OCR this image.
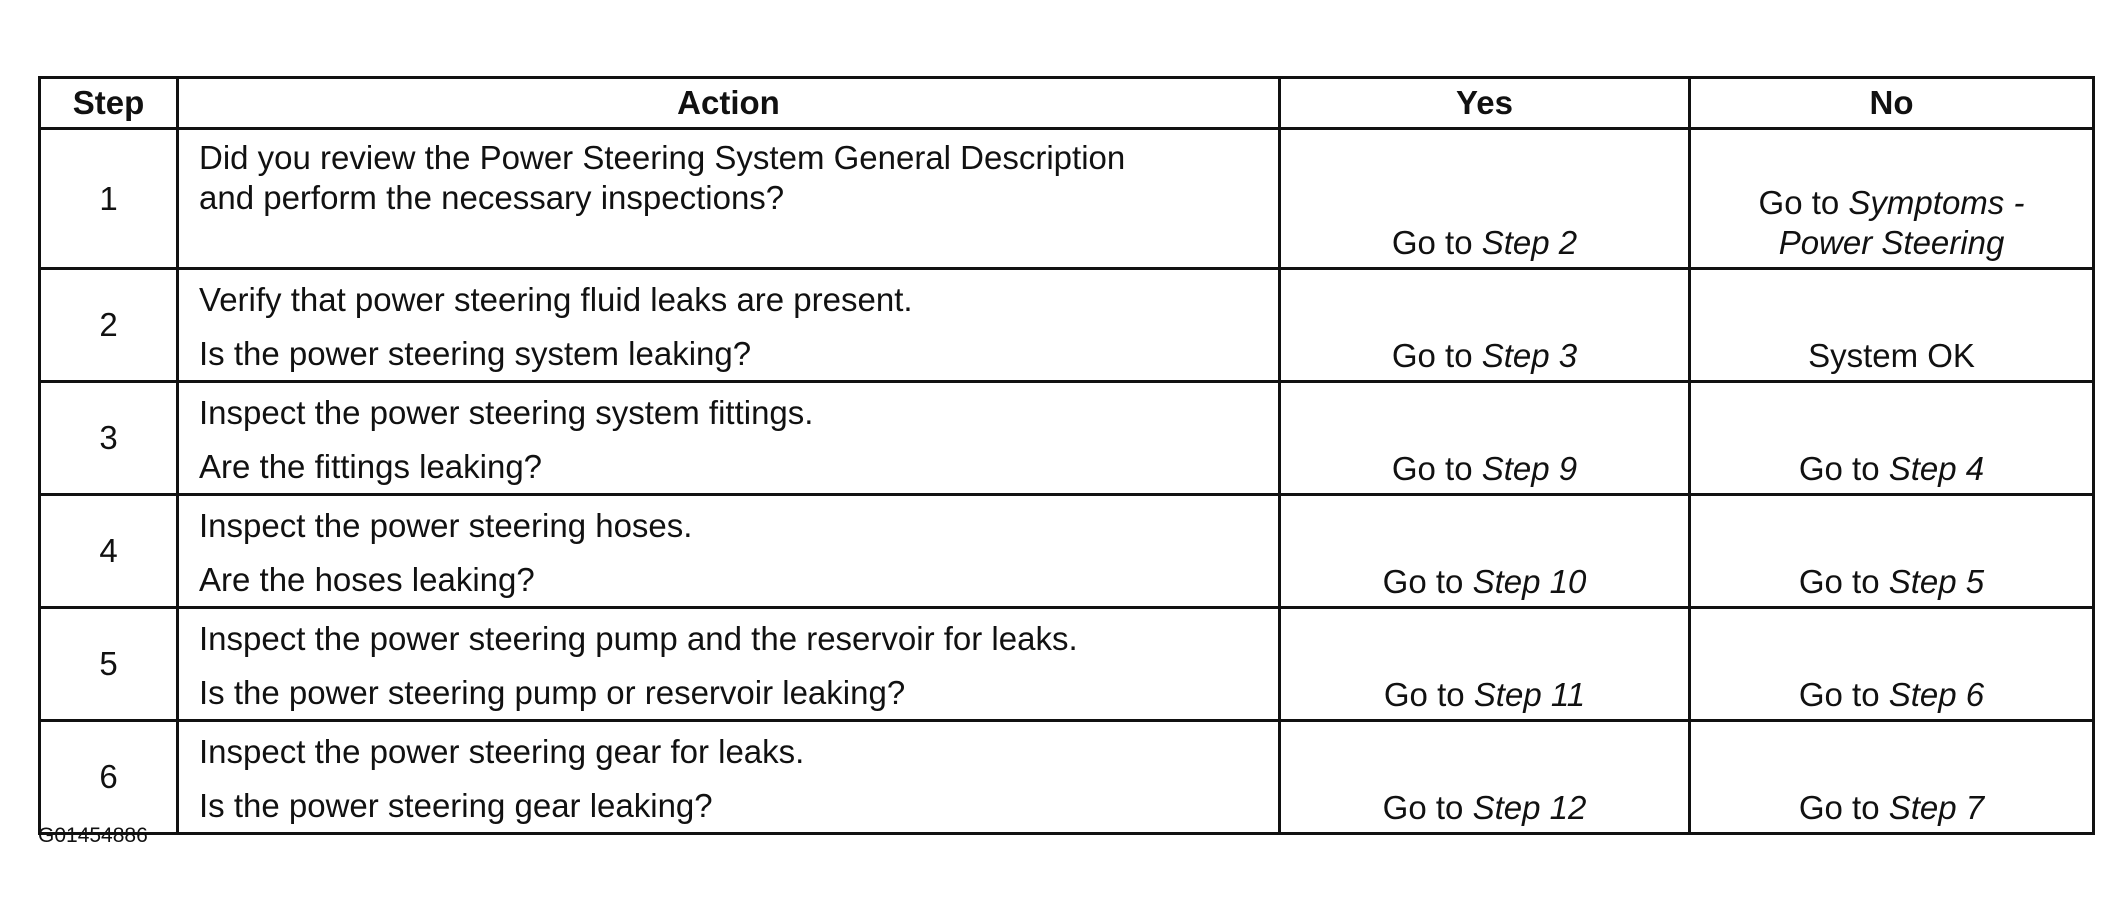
Step	Action	Yes	No
1	Did you review the Power Steering System General Description
and perform the necessary inspections?	Go to Step 2	Go to Symptoms -
Power Steering

2	Verify that power steering fluid leaks are present.
Is the power steering system leaking?	Go to Step 3	System OK
3	Inspect the power steering system fittings.
Are the fittings leaking?	Go to Step 9	Go to Step 4
4	Inspect the power steering hoses.
Are the hoses leaking?	Go to Step 10	Go to Step 5
5	Inspect the power steering pump and the reservoir for leaks.
Is the power steering pump or reservoir leaking?	Go to Step 11	Go to Step 6
6	Inspect the power steering gear for leaks.
Is the power steering gear leaking?	Go to Step 12	Go to Step 7
G01454886
